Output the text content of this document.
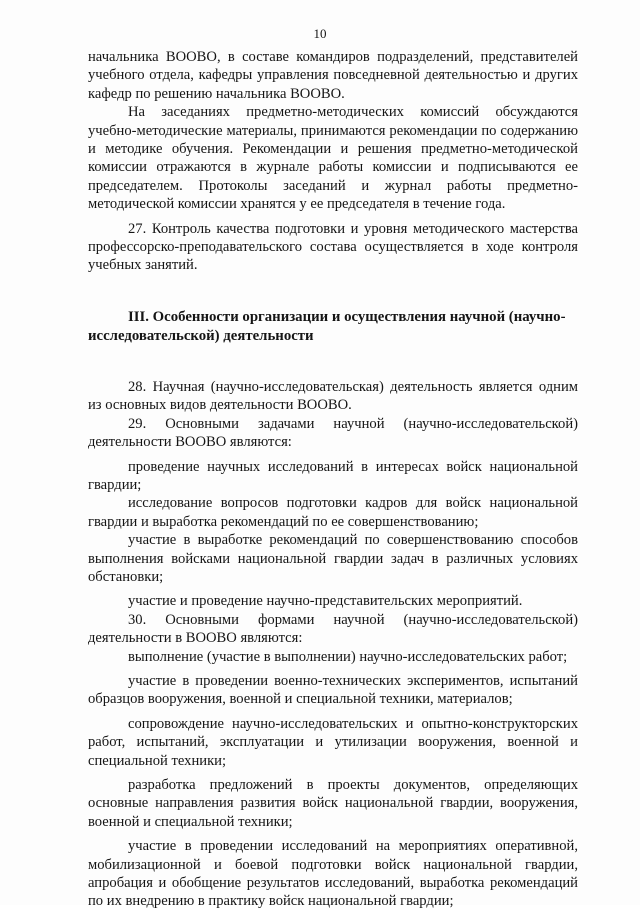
10

начальника ВООВО, в составе командиров подразделений, представителей учебного отдела, кафедры управления повседневной деятельностью и других кафедр по решению начальника ВООВО.

На заседаниях предметно-методических комиссий обсуждаются учебно-методические материалы, принимаются рекомендации по содержанию и методике обучения. Рекомендации и решения предметно-методической комиссии отражаются в журнале работы комиссии и подписываются ее председателем. Протоколы заседаний и журнал работы предметно-методической комиссии хранятся у ее председателя в течение года.

27. Контроль качества подготовки и уровня методического мастерства профессорско-преподавательского состава осуществляется в ходе контроля учебных занятий.

III. Особенности организации и осуществления научной (научно-исследовательской) деятельности

28. Научная (научно-исследовательская) деятельность является одним из основных видов деятельности ВООВО.

29. Основными задачами научной (научно-исследовательской) деятельности ВООВО являются:

проведение научных исследований в интересах войск национальной гвардии;

исследование вопросов подготовки кадров для войск национальной гвардии и выработка рекомендаций по ее совершенствованию;

участие в выработке рекомендаций по совершенствованию способов выполнения войсками национальной гвардии задач в различных условиях обстановки;

участие и проведение научно-представительских мероприятий.

30. Основными формами научной (научно-исследовательской) деятельности в ВООВО являются:

выполнение (участие в выполнении) научно-исследовательских работ;

участие в проведении военно-технических экспериментов, испытаний образцов вооружения, военной и специальной техники, материалов;

сопровождение научно-исследовательских и опытно-конструкторских работ, испытаний, эксплуатации и утилизации вооружения, военной и специальной техники;

разработка предложений в проекты документов, определяющих основные направления развития войск национальной гвардии, вооружения, военной и специальной техники;

участие в проведении исследований на мероприятиях оперативной, мобилизационной и боевой подготовки войск национальной гвардии, апробация и обобщение результатов исследований, выработка рекомендаций по их внедрению в практику войск национальной гвардии;
